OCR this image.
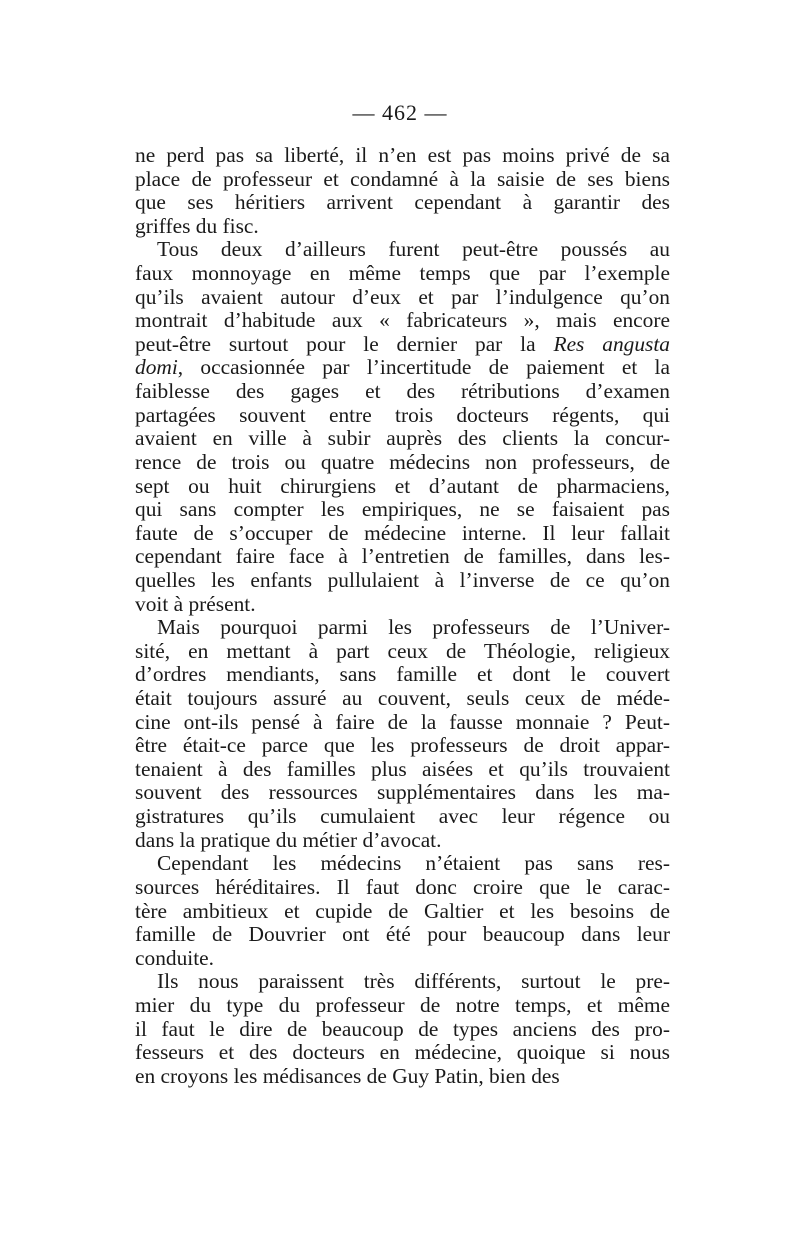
— 462 —
ne perd pas sa liberté, il n’en est pas moins privé de sa
place de professeur et condamné à la saisie de ses biens
que ses héritiers arrivent cependant à garantir des
griffes du fisc.
Tous deux d’ailleurs furent peut-être poussés au
faux monnoyage en même temps que par l’exemple
qu’ils avaient autour d’eux et par l’indulgence qu’on
montrait d’habitude aux « fabricateurs », mais encore
peut-être surtout pour le dernier par la Res angusta
domi, occasionnée par l’incertitude de paiement et la
faiblesse des gages et des rétributions d’examen
partagées souvent entre trois docteurs régents, qui
avaient en ville à subir auprès des clients la concur-
rence de trois ou quatre médecins non professeurs, de
sept ou huit chirurgiens et d’autant de pharmaciens,
qui sans compter les empiriques, ne se faisaient pas
faute de s’occuper de médecine interne. Il leur fallait
cependant faire face à l’entretien de familles, dans les-
quelles les enfants pullulaient à l’inverse de ce qu’on
voit à présent.
Mais pourquoi parmi les professeurs de l’Univer-
sité, en mettant à part ceux de Théologie, religieux
d’ordres mendiants, sans famille et dont le couvert
était toujours assuré au couvent, seuls ceux de méde-
cine ont-ils pensé à faire de la fausse monnaie ? Peut-
être était-ce parce que les professeurs de droit appar-
tenaient à des familles plus aisées et qu’ils trouvaient
souvent des ressources supplémentaires dans les ma-
gistratures qu’ils cumulaient avec leur régence ou
dans la pratique du métier d’avocat.
Cependant les médecins n’étaient pas sans res-
sources héréditaires. Il faut donc croire que le carac-
tère ambitieux et cupide de Galtier et les besoins de
famille de Douvrier ont été pour beaucoup dans leur
conduite.
Ils nous paraissent très différents, surtout le pre-
mier du type du professeur de notre temps, et même
il faut le dire de beaucoup de types anciens des pro-
fesseurs et des docteurs en médecine, quoique si nous
en croyons les médisances de Guy Patin, bien des
